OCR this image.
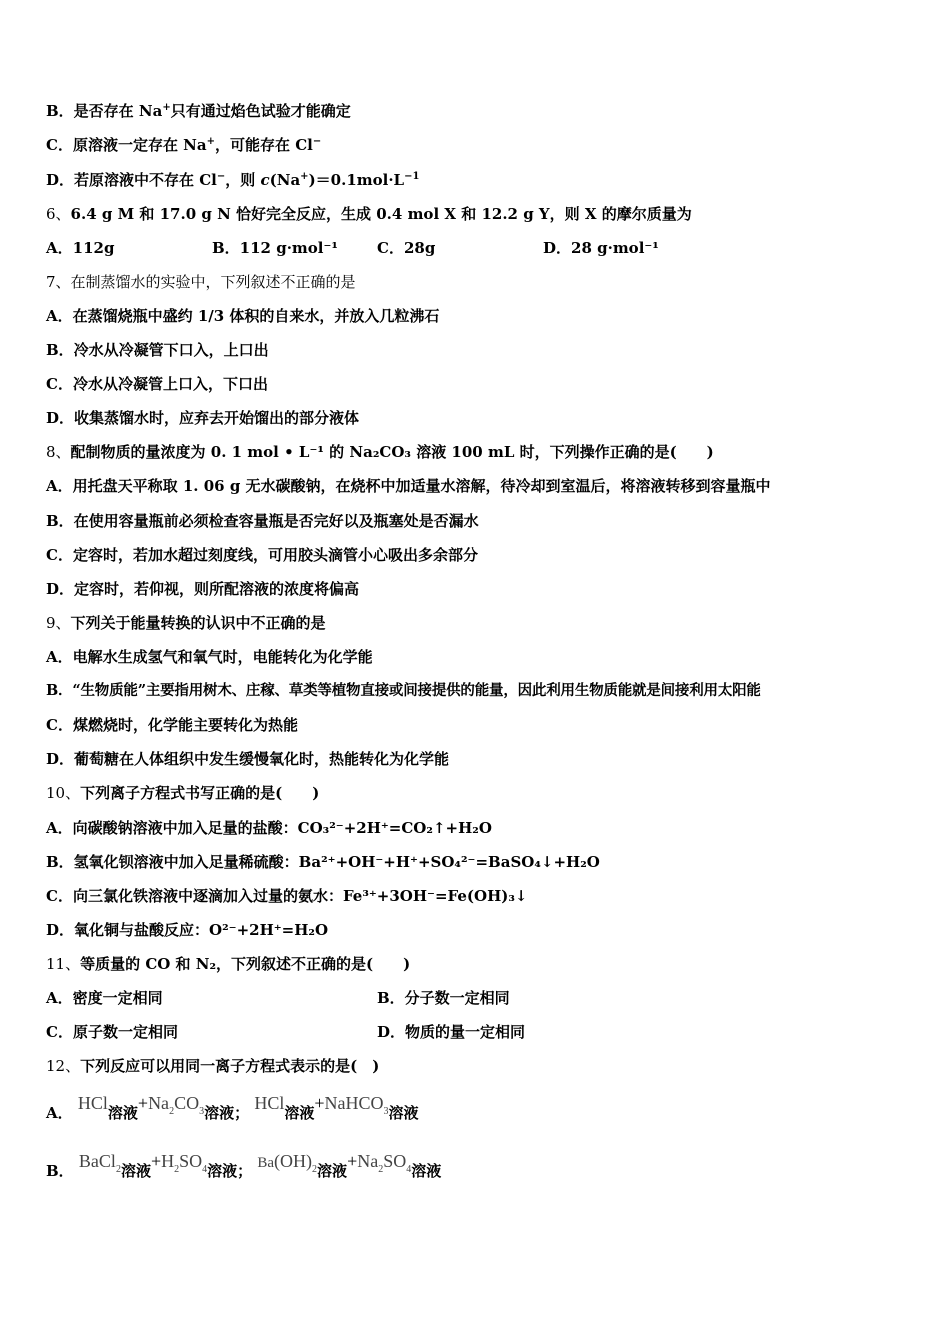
B．是否存在 Na+只有通过焰色试验才能确定
C．原溶液一定存在 Na+，可能存在 Cl−
D．若原溶液中不存在 Cl−，则 $c(Na^+)=0.1mol\cdot L^{-1}$
6、6.4 g M 和 17.0 g N 恰好完全反应，生成 0.4 mol X 和 12.2 g Y，则 X 的摩尔质量为
A．112g	B．112 g·mol⁻¹	C．28g	D．28 g·mol⁻¹
7、在制蒸馏水的实验中，下列叙述不正确的是
A．在蒸馏烧瓶中盛约 1/3 体积的自来水，并放入几粒沸石
B．冷水从冷凝管下口入，上口出
C．冷水从冷凝管上口入，下口出
D．收集蒸馏水时，应弃去开始馏出的部分液体
8、配制物质的量浓度为 0. 1 mol • L⁻¹ 的 Na₂CO₃ 溶液 100 mL 时，下列操作正确的是(　　)
A．用托盘天平称取 1. 06 g 无水碳酸钠，在烧杯中加适量水溶解，待冷却到室温后，将溶液转移到容量瓶中
B．在使用容量瓶前必须检查容量瓶是否完好以及瓶塞处是否漏水
C．定容时，若加水超过刻度线，可用胶头滴管小心吸出多余部分
D．定容时，若仰视，则所配溶液的浓度将偏高
9、下列关于能量转换的认识中不正确的是
A．电解水生成氢气和氧气时，电能转化为化学能
B．“生物质能”主要指用树木、庄稼、草类等植物直接或间接提供的能量，因此利用生物质能就是间接利用太阳能
C．煤燃烧时，化学能主要转化为热能
D．葡萄糖在人体组织中发生缓慢氧化时，热能转化为化学能
10、下列离子方程式书写正确的是(　　)
A．向碳酸钠溶液中加入足量的盐酸：CO₃²⁻+2H⁺=CO₂↑+H₂O
B．氢氧化钡溶液中加入足量稀硫酸：Ba²⁺+OH⁻+H⁺+SO₄²⁻=BaSO₄↓+H₂O
C．向三氯化铁溶液中逐滴加入过量的氨水：Fe³⁺+3OH⁻=Fe(OH)₃↓
D．氧化铜与盐酸反应：O²⁻+2H⁺=H₂O
11、等质量的 CO 和 N₂，下列叙述不正确的是(　　)
A．密度一定相同	B．分子数一定相同
C．原子数一定相同	D．物质的量一定相同
12、下列反应可以用同一离子方程式表示的是(　)
A． HCl溶液$+Na^2CO^3$溶液； HCl溶液+NaHCO$^3$溶液
B． BaCl$^2$溶液$+H^2SO^4$溶液； Ba(OH)$^2$溶液$+Na^2SO^4$溶液
